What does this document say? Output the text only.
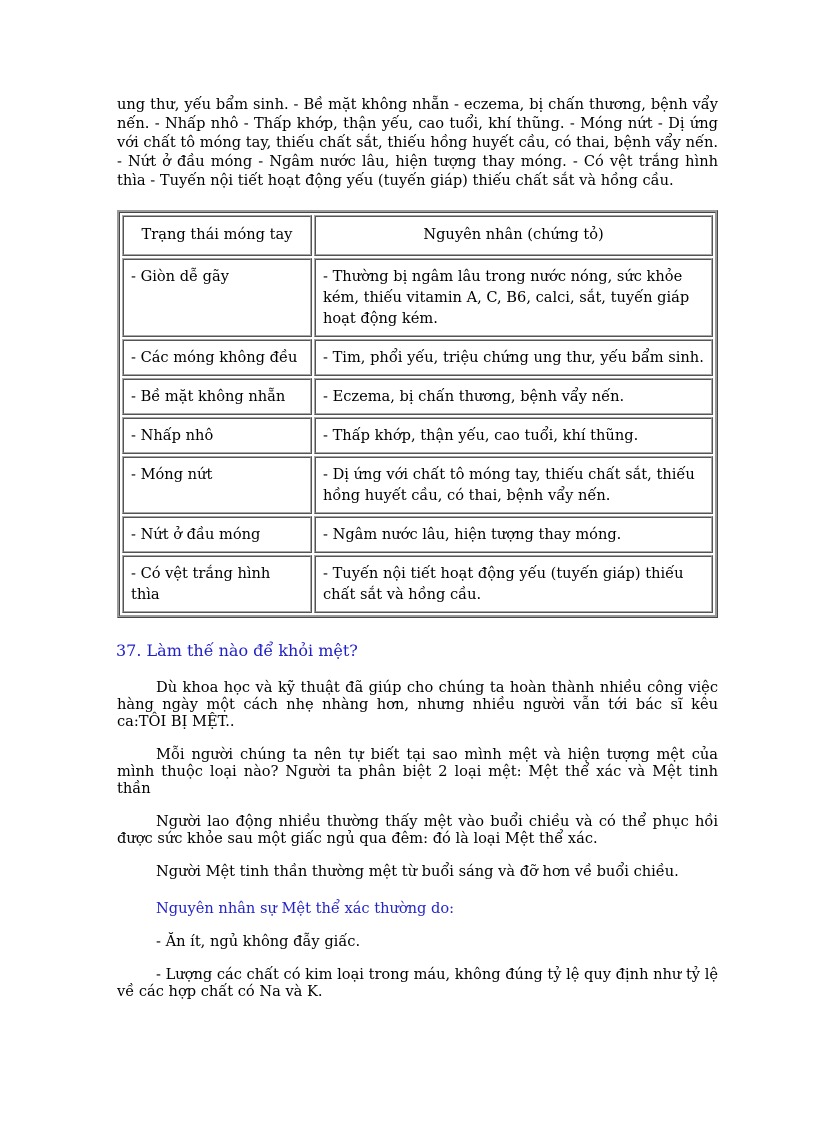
ung thư, yếu bẩm sinh. - Bề mặt không nhẵn - eczema, bị chấn thương, bệnh vẩy nến. - Nhấp nhô - Thấp khớp, thận yếu, cao tuổi, khí thũng. - Móng nứt - Dị ứng với chất tô móng tay, thiếu chất sắt, thiếu hồng huyết cầu, có thai, bệnh vẩy nến. - Nứt ở đầu móng - Ngâm nước lâu, hiện tượng thay móng. - Có vệt trắng hình thìa - Tuyến nội tiết hoạt động yếu (tuyến giáp) thiếu chất sắt và hồng cầu.

Trạng thái móng tay	Nguyên nhân (chứng tỏ)
- Giòn dễ gãy	- Thường bị ngâm lâu trong nước nóng, sức khỏe kém, thiếu vitamin A, C, B6, calci, sắt, tuyến giáp hoạt động kém.
- Các móng không đều	- Tim, phổi yếu, triệu chứng ung thư, yếu bẩm sinh.
- Bề mặt không nhẵn	- Eczema, bị chấn thương, bệnh vẩy nến.
- Nhấp nhô	- Thấp khớp, thận yếu, cao tuổi, khí thũng.
- Móng nứt	- Dị ứng với chất tô móng tay, thiếu chất sắt, thiếu hồng huyết cầu, có thai, bệnh vẩy nến.
- Nứt ở đầu móng	- Ngâm nước lâu, hiện tượng thay móng.
- Có vệt trắng hình thìa	- Tuyến nội tiết hoạt động yếu (tuyến giáp) thiếu chất sắt và hồng cầu.
37. Làm thế nào để khỏi mệt?

Dù khoa học và kỹ thuật đã giúp cho chúng ta hoàn thành nhiều công việc hàng ngày một cách nhẹ nhàng hơn, nhưng nhiều người vẫn tới bác sĩ kêu ca:TÔI BỊ MỆT..

Mỗi người chúng ta nên tự biết tại sao mình mệt và hiện tượng mệt của mình thuộc loại nào? Người ta phân biệt 2 loại mệt: Mệt thể xác và Mệt tinh thần

Người lao động nhiều thường thấy mệt vào buổi chiều và có thể phục hồi được sức khỏe sau một giấc ngủ qua đêm: đó là loại Mệt thể xác.

Người Mệt tinh thần thường mệt từ buổi sáng và đỡ hơn về buổi chiều.

Nguyên nhân sự Mệt thể xác thường do:

- Ăn ít, ngủ không đẫy giấc.

- Lượng các chất có kim loại trong máu, không đúng tỷ lệ quy định như tỷ lệ về các hợp chất có Na và K.
